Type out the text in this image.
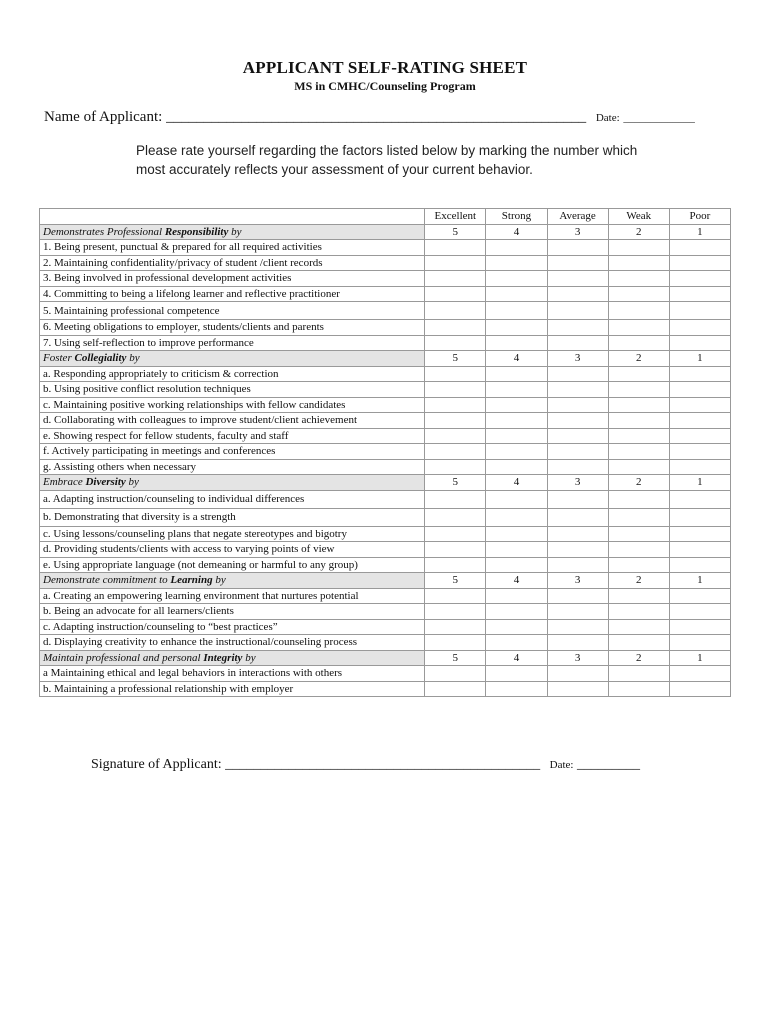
APPLICANT SELF-RATING SHEET
MS in CMHC/Counseling Program
Name of Applicant: ________________________________________________________ Date: _____________
Please rate yourself regarding the factors listed below by marking the number which
most accurately reflects your assessment of your current behavior.
	Excellent	Strong	Average	Weak	Poor
Demonstrates Professional Responsibility by	5	4	3	2	1
1. Being present, punctual & prepared for all required activities					
2. Maintaining confidentiality/privacy of student /client records					
3. Being involved in professional development activities					
4. Committing to being a lifelong learner and reflective practitioner					
5. Maintaining professional competence					
6. Meeting obligations to employer, students/clients and parents					
7. Using self-reflection to improve performance					
Foster Collegiality by	5	4	3	2	1
a. Responding appropriately to criticism & correction					
b. Using positive conflict resolution techniques					
c. Maintaining positive working relationships with fellow candidates					
d. Collaborating with colleagues to improve student/client achievement					
e. Showing respect for fellow students, faculty and staff					
f. Actively participating in meetings and conferences					
g. Assisting others when necessary					
Embrace Diversity by	5	4	3	2	1
a. Adapting instruction/counseling to individual differences					
b. Demonstrating that diversity is a strength					
c. Using lessons/counseling plans that negate stereotypes and bigotry					
d. Providing students/clients with access to varying points of view					
e. Using appropriate language (not demeaning or harmful to any group)					
Demonstrate commitment to Learning by	5	4	3	2	1
a. Creating an empowering learning environment that nurtures potential					
b. Being an advocate for all learners/clients					
c. Adapting instruction/counseling to “best practices”					
d. Displaying creativity to enhance the instructional/counseling process					
Maintain professional and personal Integrity by	5	4	3	2	1
a Maintaining ethical and legal behaviors in interactions with others					
b. Maintaining a professional relationship with employer					
Signature of Applicant: _____________________________________________ Date: _________
